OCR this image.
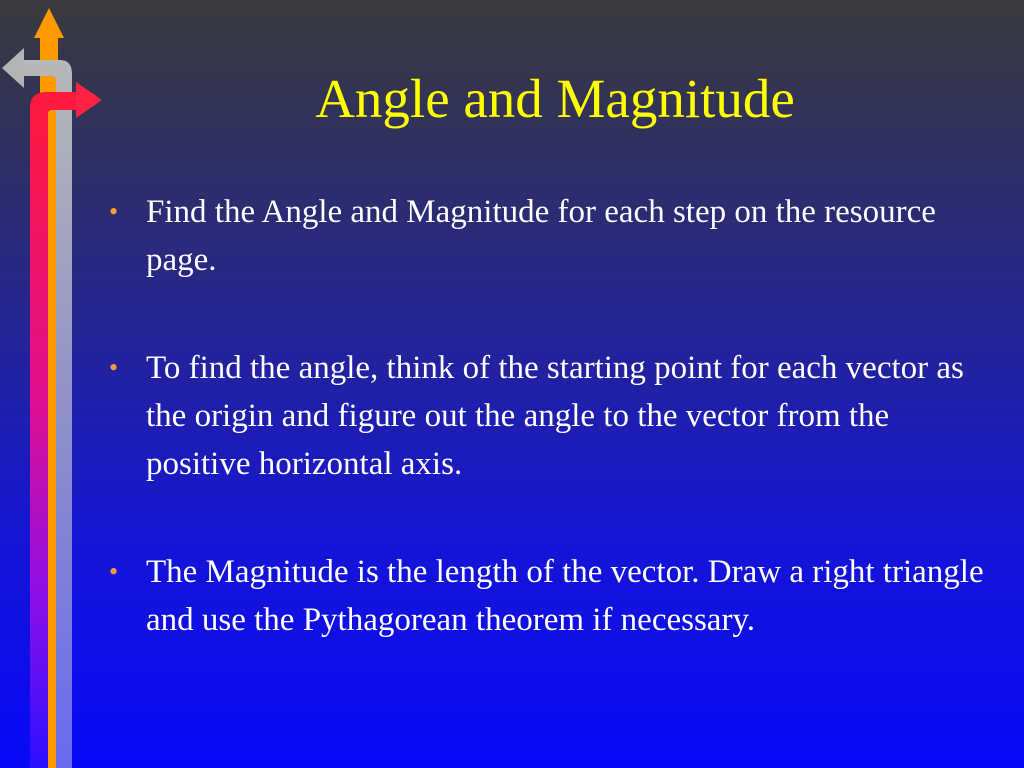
Angle and Magnitude
• Find the Angle and Magnitude for each step on the resource page.
• To find the angle, think of the starting point for each vector as the origin and figure out the angle to the vector from the positive horizontal axis.
• The Magnitude is the length of the vector. Draw a right triangle and use the Pythagorean theorem if necessary.
